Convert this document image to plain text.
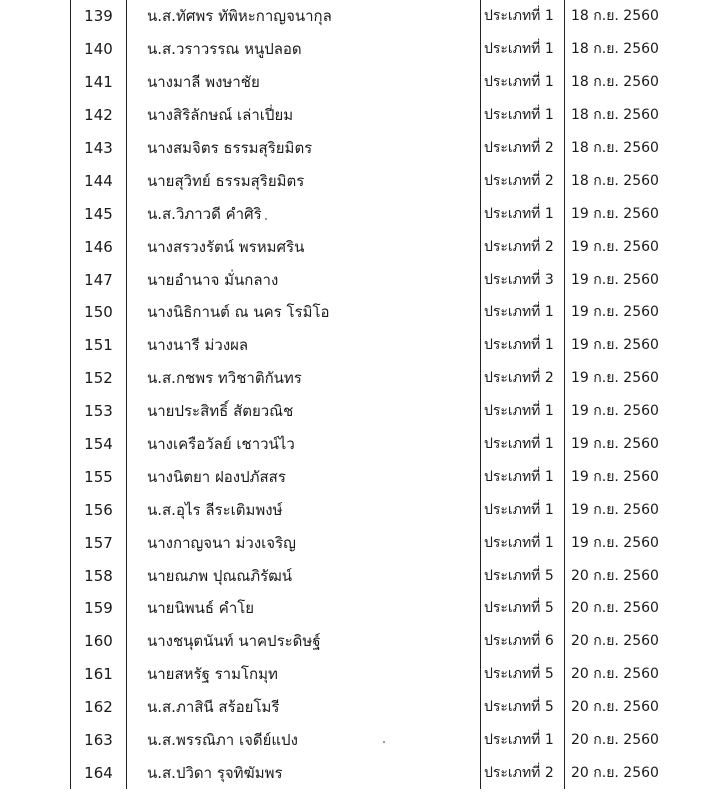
139	น.ส.ทัศพร ทัพิหะกาญจนากุล	ประเภทที่ 1	18 ก.ย. 2560
140	น.ส.วราวรรณ หนูปลอด	ประเภทที่ 1	18 ก.ย. 2560
141	นางมาลี พงษาชัย	ประเภทที่ 1	18 ก.ย. 2560
142	นางสิริลักษณ์ เล่าเปี่ยม	ประเภทที่ 1	18 ก.ย. 2560
143	นางสมจิตร ธรรมสุริยมิตร	ประเภทที่ 2	18 ก.ย. 2560
144	นายสุวิทย์ ธรรมสุริยมิตร	ประเภทที่ 2	18 ก.ย. 2560
145	น.ส.วิภาวดี คำศิริ	ประเภทที่ 1	19 ก.ย. 2560
146	นางสรวงรัตน์ พรหมศริน	ประเภทที่ 2	19 ก.ย. 2560
147	นายอำนาจ มั่นกลาง	ประเภทที่ 3	19 ก.ย. 2560
150	นางนิธิกานต์ ณ นคร โรมิโอ	ประเภทที่ 1	19 ก.ย. 2560
151	นางนารี ม่วงผล	ประเภทที่ 1	19 ก.ย. 2560
152	น.ส.กชพร ทวิชาติกันทร	ประเภทที่ 2	19 ก.ย. 2560
153	นายประสิทธิ์ สัตยวณิช	ประเภทที่ 1	19 ก.ย. 2560
154	นางเครือวัลย์ เชาวน์ไว	ประเภทที่ 1	19 ก.ย. 2560
155	นางนิตยา ฝองปภัสสร	ประเภทที่ 1	19 ก.ย. 2560
156	น.ส.อุไร ลีระเติมพงษ์	ประเภทที่ 1	19 ก.ย. 2560
157	นางกาญจนา ม่วงเจริญ	ประเภทที่ 1	19 ก.ย. 2560
158	นายณภพ ปุณณภิรัฒน์	ประเภทที่ 5	20 ก.ย. 2560
159	นายนิพนธ์ คำโย	ประเภทที่ 5	20 ก.ย. 2560
160	นางชนุตนันท์ นาคประดิษฐ์	ประเภทที่ 6	20 ก.ย. 2560
161	นายสหรัฐ รามโกมุท	ประเภทที่ 5	20 ก.ย. 2560
162	น.ส.ภาสินี สร้อยโมรี	ประเภทที่ 5	20 ก.ย. 2560
163	น.ส.พรรณิภา เจดีย์แปง	ประเภทที่ 1	20 ก.ย. 2560
164	น.ส.ปวิดา รุจทิฆัมพร	ประเภทที่ 2	20 ก.ย. 2560
